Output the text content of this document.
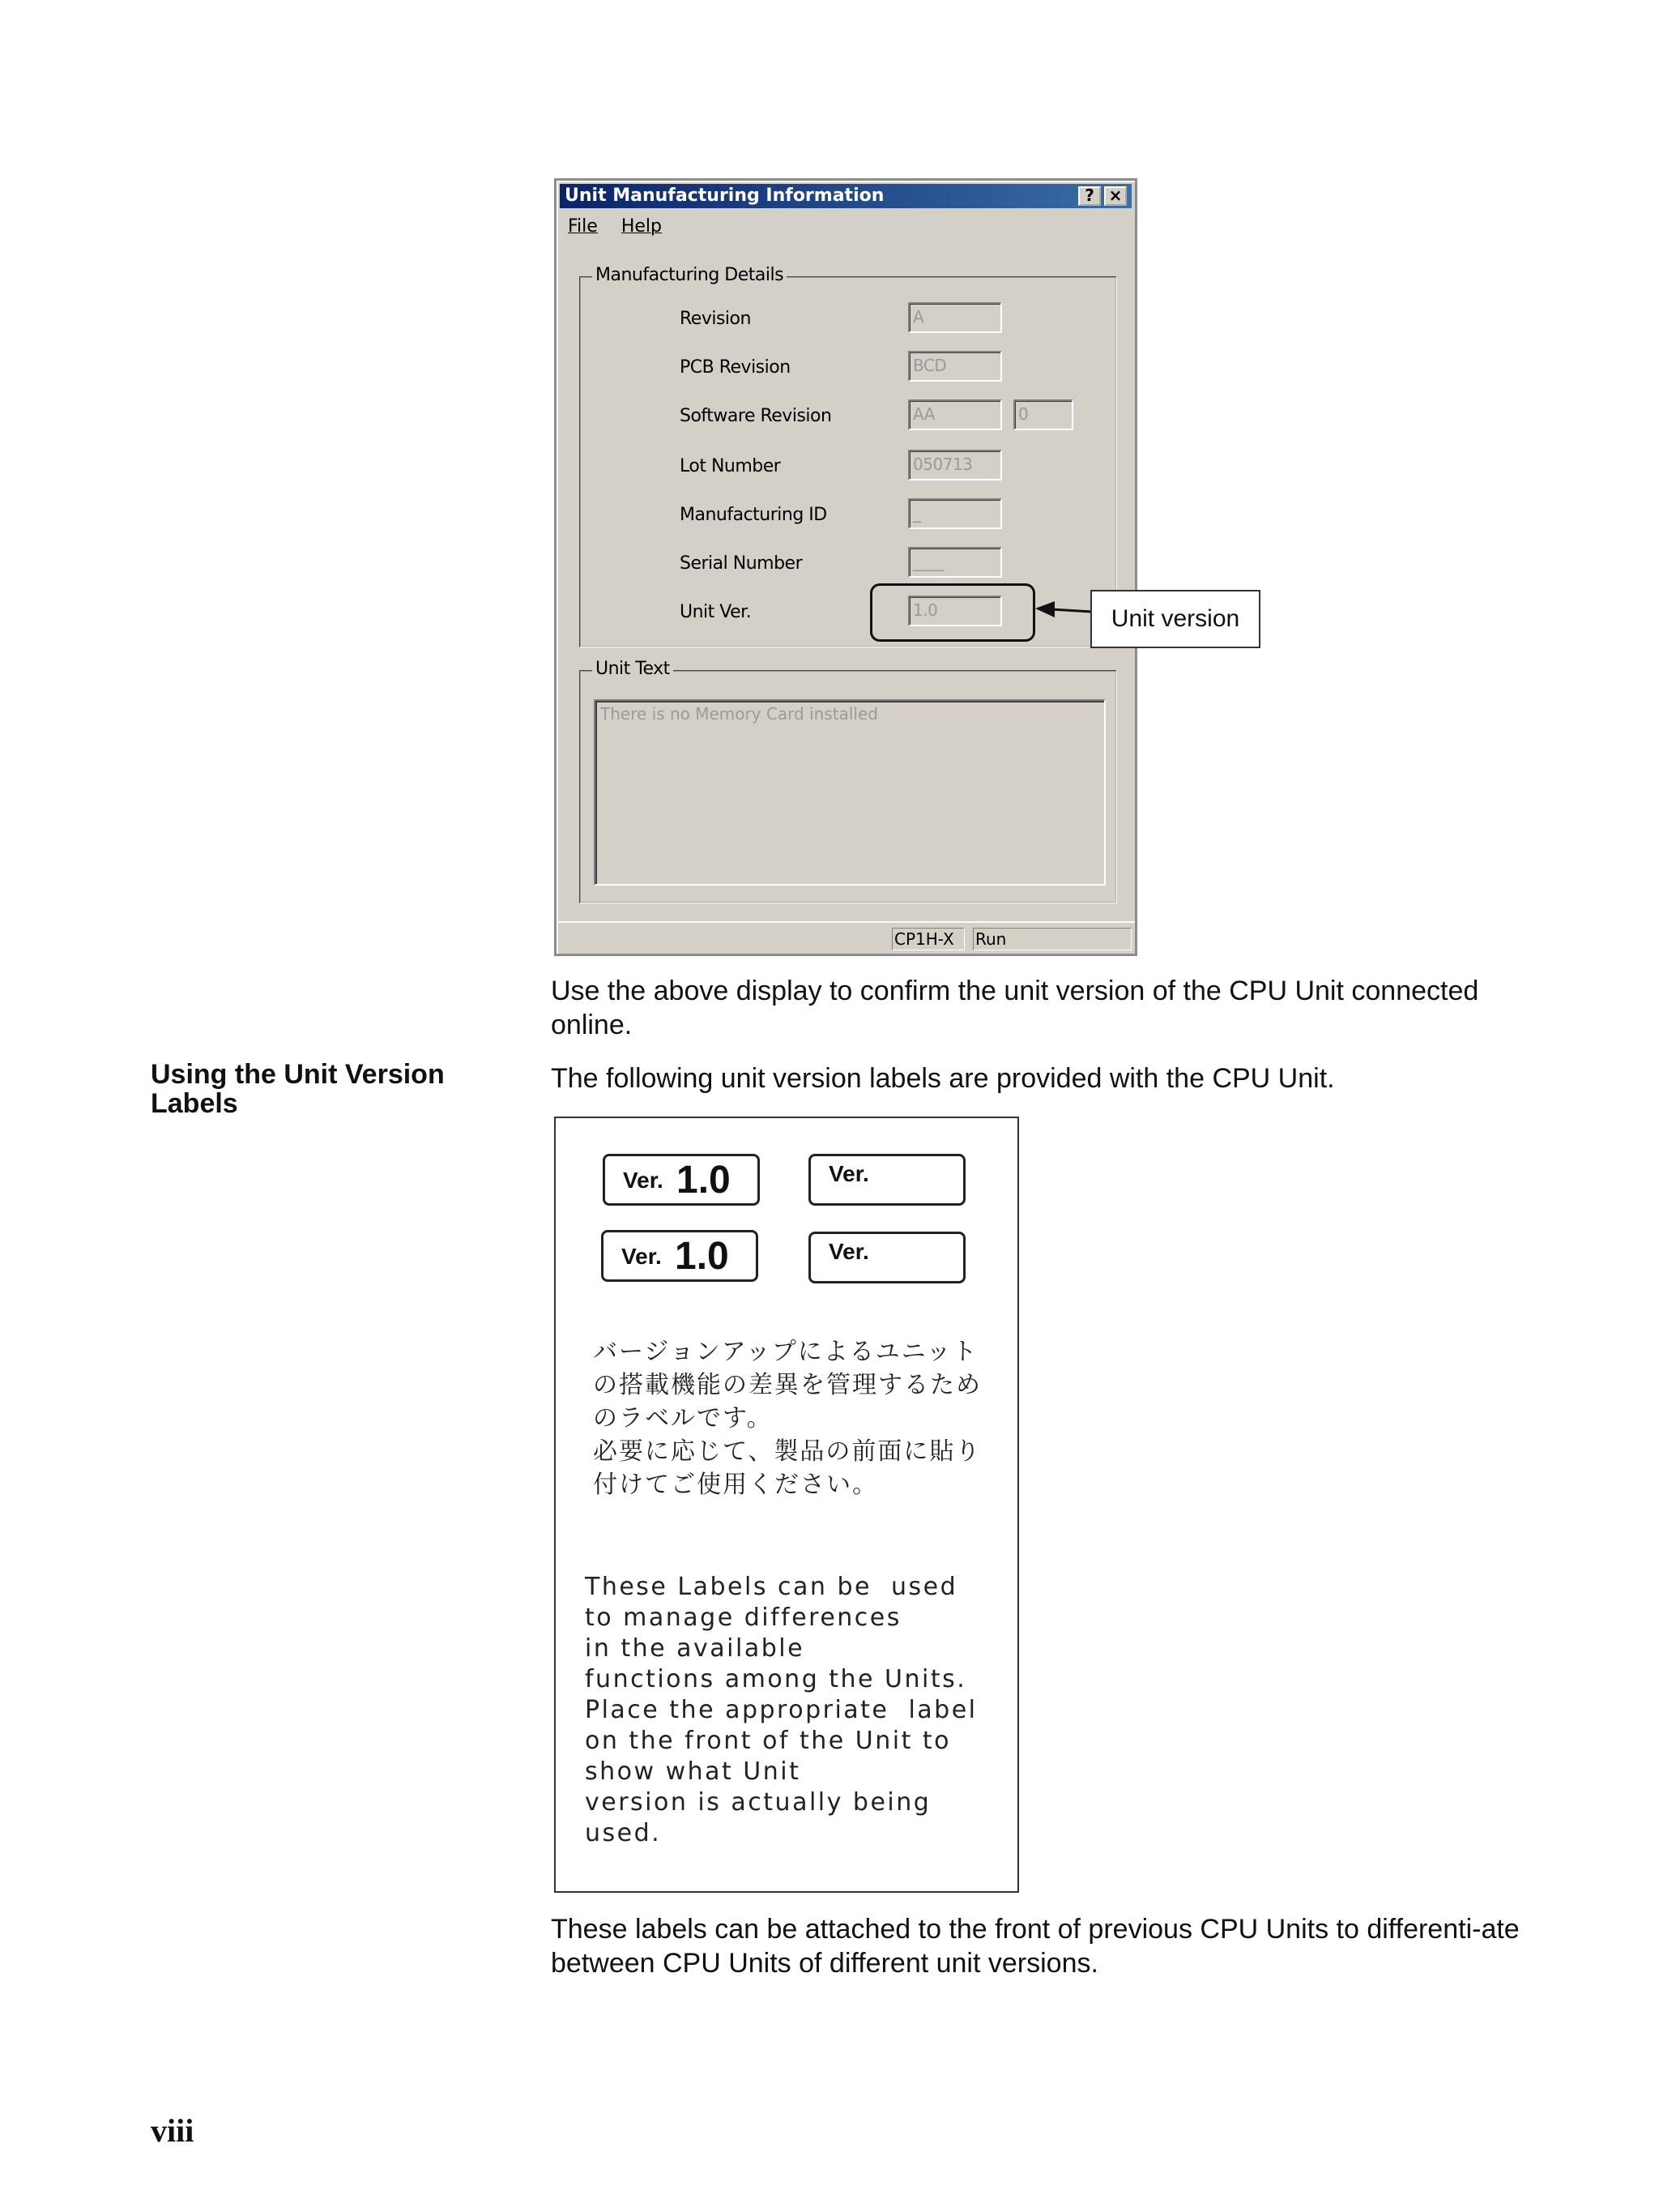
Unit Manufacturing Information	? ×
File Help
Manufacturing Details
Revision	A
PCB Revision	BCD
Software Revision	AA	0
Lot Number	050713
Manufacturing ID	_
Serial Number	____
Unit Ver.	1.0
Unit Text
There is no Memory Card installed
CP1H-X	Run
Unit version
Use the above display to confirm the unit version of the CPU Unit connected online.
Using the Unit Version Labels
The following unit version labels are provided with the CPU Unit.
Ver. 1.0	Ver.
Ver. 1.0	Ver.
バージョンアップによるユニットの搭載機能の差異を管理するためのラベルです。
必要に応じて、製品の前面に貼り付けてご使用ください。
These Labels can be  used
to manage differences
in the available
functions among the Units.
Place the appropriate  label
on the front of the Unit to
show what Unit
version is actually being
used.
These labels can be attached to the front of previous CPU Units to differenti-ate between CPU Units of different unit versions.
viii
